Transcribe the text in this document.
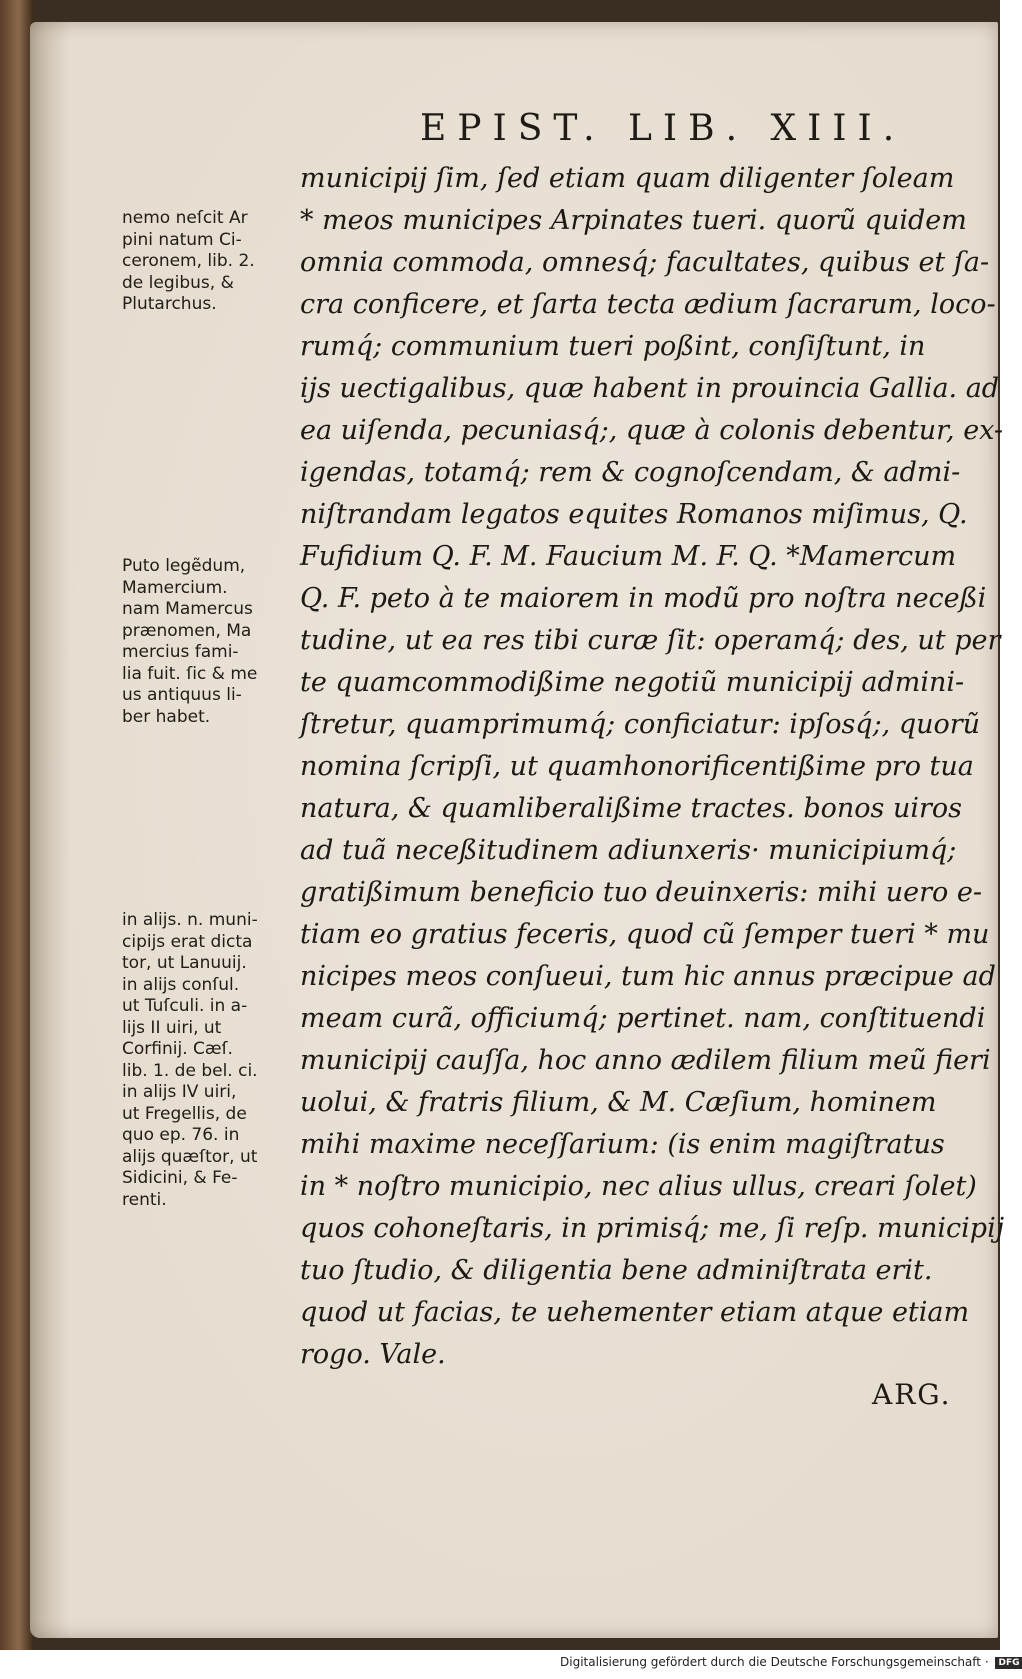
EPIST. LIB. XIII.
municipij ſim, ſed etiam quam diligenter ſoleam
* meos municipes Arpinates tueri. quorũ quidem
omnia commoda, omnesq́; facultates, quibus et ſa-
cra conficere, et ſarta tecta ædium ſacrarum, loco-
rumq́; communium tueri poßint, conſiſtunt, in
ijs uectigalibus, quæ habent in prouincia Gallia. ad
ea uiſenda, pecuniasq́;, quæ à colonis debentur, ex-
igendas, totamq́; rem & cognoſcendam, & admi-
niſtrandam legatos equites Romanos miſimus, Q.
Fufidium Q. F. M. Faucium M. F. Q. *Mamercum
Q. F. peto à te maiorem in modũ pro noſtra neceßi
tudine, ut ea res tibi curæ ſit: operamq́; des, ut per
te quamcommodißime negotiũ municipij admini-
ſtretur, quamprimumq́; conficiatur: ipſosq́;, quorũ
nomina ſcripſi, ut quamhonorificentißime pro tua
natura, & quamliberalißime tractes. bonos uiros
ad tuã neceßitudinem adiunxeris· municipiumq́;
gratißimum beneficio tuo deuinxeris: mihi uero e-
tiam eo gratius feceris, quod cũ ſemper tueri * mu
nicipes meos conſueui, tum hic annus præcipue ad
meam curã, officiumq́; pertinet. nam, conſtituendi
municipij cauſſa, hoc anno ædilem filium meũ fieri
uolui, & fratris filium, & M. Cæſium, hominem
mihi maxime neceſſarium: (is enim magiſtratus
in * noſtro municipio, nec alius ullus, creari ſolet)
quos cohoneſtaris, in primisq́; me, ſi reſp. municipij
tuo ſtudio, & diligentia bene adminiſtrata erit.
quod ut facias, te uehementer etiam atque etiam
rogo. Vale.
nemo neſcit Ar
pini natum Ci-
ceronem, lib. 2.
de legibus, &
Plutarchus.
Puto legẽdum,
Mamercium.
nam Mamercus
prænomen, Ma
mercius fami-
lia fuit. ſic & me
us antiquus li-
ber habet.
in alijs. n. muni-
cipijs erat dicta
tor, ut Lanuuij.
in alijs conſul.
ut Tuſculi. in a-
lijs II uiri, ut
Corfinij. Cæſ.
lib. 1. de bel. ci.
in alijs IV uiri,
ut Fregellis, de
quo ep. 76. in
alijs quæſtor, ut
Sidicini, & Fe-
renti.
ARG.
Digitalisierung gefördert durch die Deutsche Forschungsgemeinschaft · DFG
